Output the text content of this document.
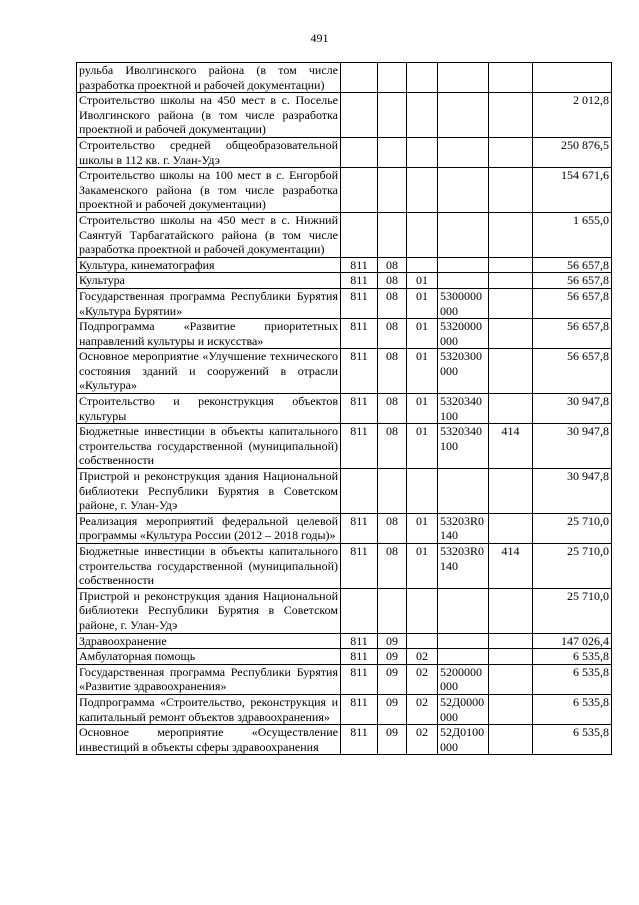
491
рульба Иволгинского района (в том числе разработка проектной и рабочей документации)						
Строительство школы на 450 мест в с. Поселье Иволгинского района (в том числе разработка проектной и рабочей документации)						2 012,8
Строительство средней общеобразовательной школы в 112 кв. г. Улан-Удэ						250 876,5
Строительство школы на 100 мест в с. Енгорбой Закаменского района (в том числе разработка проектной и рабочей документации)						154 671,6
Строительство школы на 450 мест в с. Нижний Саянтуй Тарбагатайского района (в том числе разработка проектной и рабочей документации)						1 655,0
Культура, кинематография	811	08				56 657,8
Культура	811	08	01			56 657,8
Государственная программа Республики Бурятия «Культура Бурятии»	811	08	01	5300000000		56 657,8
Подпрограмма «Развитие приоритетных направлений культуры и искусства»	811	08	01	5320000000		56 657,8
Основное мероприятие «Улучшение технического состояния зданий и сооружений в отрасли «Культура»	811	08	01	5320300000		56 657,8
Строительство и реконструкция объектов культуры	811	08	01	5320340100		30 947,8
Бюджетные инвестиции в объекты капитального строительства государственной (муниципальной) собственности	811	08	01	5320340100	414	30 947,8
Пристрой и реконструкция здания Национальной библиотеки Республики Бурятия в Советском районе, г. Улан-Удэ						30 947,8
Реализация мероприятий федеральной целевой программы «Культура России (2012 – 2018 годы)»	811	08	01	53203R0140		25 710,0
Бюджетные инвестиции в объекты капитального строительства государственной (муниципальной) собственности	811	08	01	53203R0140	414	25 710,0
Пристрой и реконструкция здания Национальной библиотеки Республики Бурятия в Советском районе, г. Улан-Удэ						25 710,0
Здравоохранение	811	09				147 026,4
Амбулаторная помощь	811	09	02			6 535,8
Государственная программа Республики Бурятия «Развитие здравоохранения»	811	09	02	5200000000		6 535,8
Подпрограмма «Строительство, реконструкция и капитальный ремонт объектов здравоохранения»	811	09	02	52Д0000000		6 535,8
Основное мероприятие «Осуществление инвестиций в объекты сферы здравоохранения	811	09	02	52Д0100000		6 535,8
